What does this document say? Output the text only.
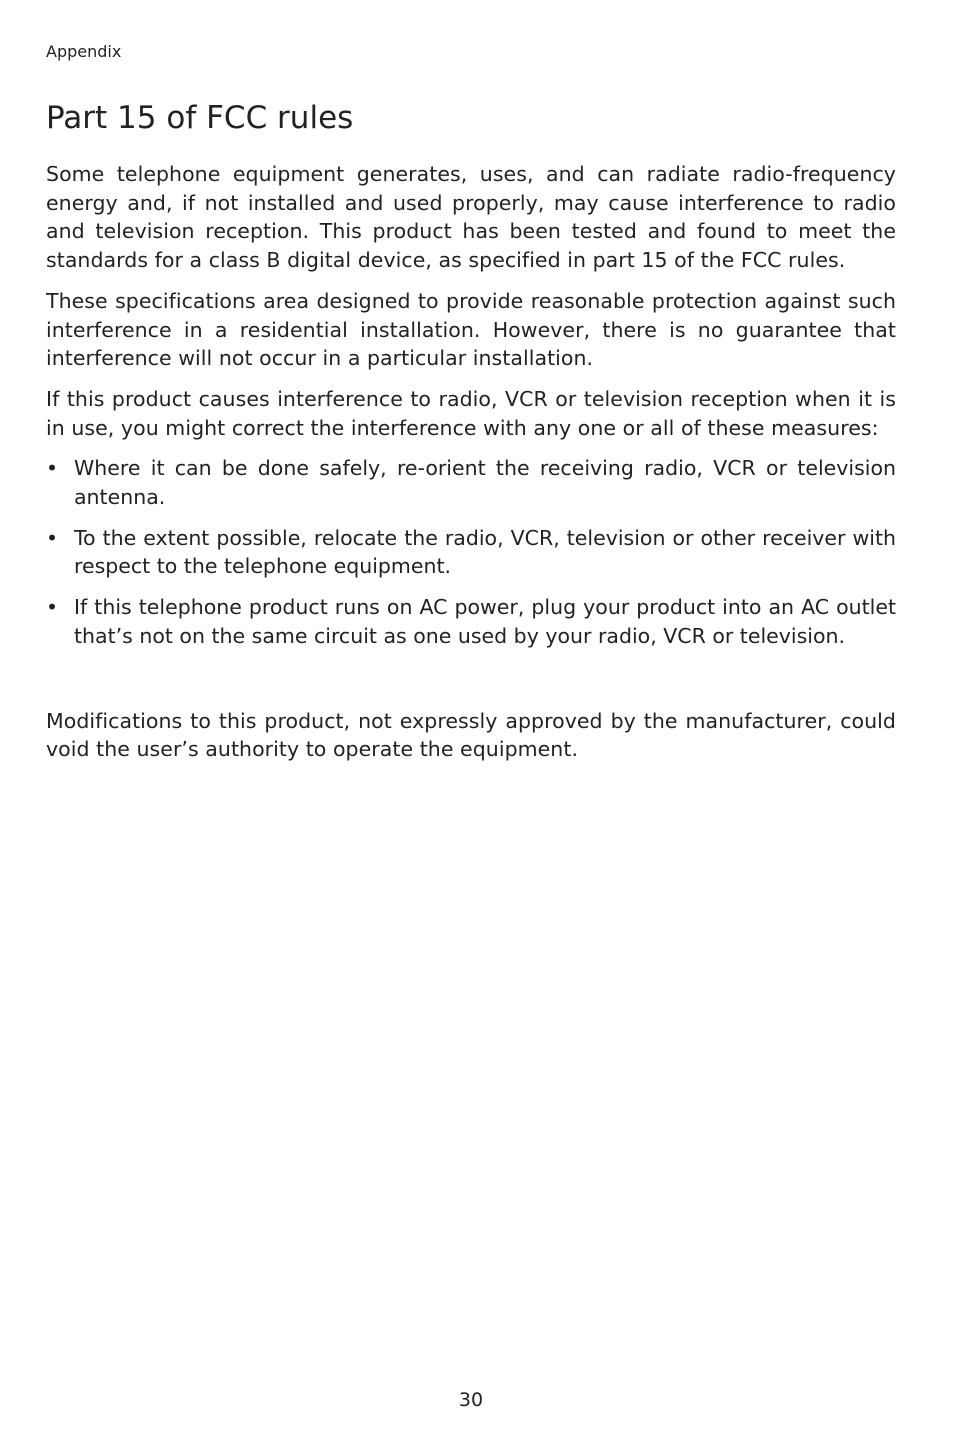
Appendix
Part 15 of FCC rules

Some telephone equipment generates, uses, and can radiate radio-frequency energy and, if not installed and used properly, may cause interference to radio and television reception. This product has been tested and found to meet the standards for a class B digital device, as specified in part 15 of the FCC rules.

These specifications area designed to provide reasonable protection against such interference in a residential installation. However, there is no guarantee that interference will not occur in a particular installation.

If this product causes interference to radio, VCR or television reception when it is in use, you might correct the interference with any one or all of these measures:

• Where it can be done safely, re-orient the receiving radio, VCR or television antenna.
• To the extent possible, relocate the radio, VCR, television or other receiver with respect to the telephone equipment.
• If this telephone product runs on AC power, plug your product into an AC outlet that’s not on the same circuit as one used by your radio, VCR or television.

Modifications to this product, not expressly approved by the manufacturer, could void the user’s authority to operate the equipment.

30
